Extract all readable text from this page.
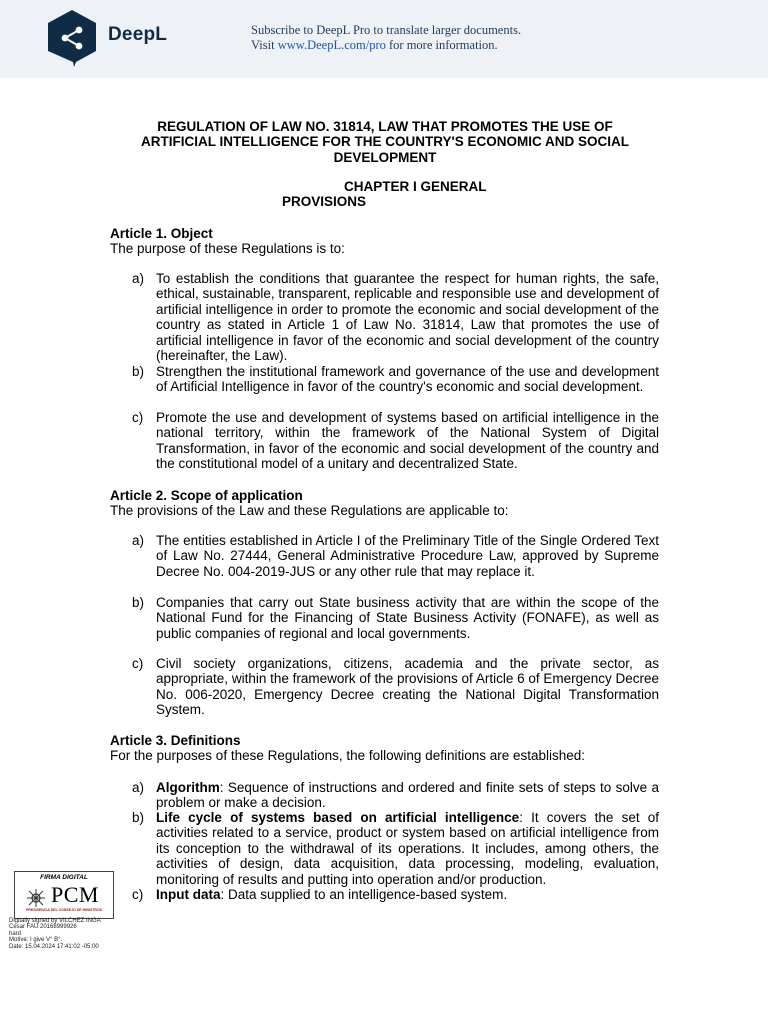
DeepL	Subscribe to DeepL Pro to translate larger documents.
Visit www.DeepL.com/pro for more information.
REGULATION OF LAW NO. 31814, LAW THAT PROMOTES THE USE OF ARTIFICIAL INTELLIGENCE FOR THE COUNTRY'S ECONOMIC AND SOCIAL DEVELOPMENT
CHAPTER I GENERAL
PROVISIONS
Article 1. Object
The purpose of these Regulations is to:
a) To establish the conditions that guarantee the respect for human rights, the safe, ethical, sustainable, transparent, replicable and responsible use and development of artificial intelligence in order to promote the economic and social development of the country as stated in Article 1 of Law No. 31814, Law that promotes the use of artificial intelligence in favor of the economic and social development of the country (hereinafter, the Law).
b) Strengthen the institutional framework and governance of the use and development of Artificial Intelligence in favor of the country's economic and social development.
c) Promote the use and development of systems based on artificial intelligence in the national territory, within the framework of the National System of Digital Transformation, in favor of the economic and social development of the country and the constitutional model of a unitary and decentralized State.
Article 2. Scope of application
The provisions of the Law and these Regulations are applicable to:
a) The entities established in Article I of the Preliminary Title of the Single Ordered Text of Law No. 27444, General Administrative Procedure Law, approved by Supreme Decree No. 004-2019-JUS or any other rule that may replace it.
b) Companies that carry out State business activity that are within the scope of the National Fund for the Financing of State Business Activity (FONAFE), as well as public companies of regional and local governments.
c) Civil society organizations, citizens, academia and the private sector, as appropriate, within the framework of the provisions of Article 6 of Emergency Decree No. 006-2020, Emergency Decree creating the National Digital Transformation System.
Article 3. Definitions
For the purposes of these Regulations, the following definitions are established:
a) Algorithm: Sequence of instructions and ordered and finite sets of steps to solve a problem or make a decision.
b) Life cycle of systems based on artificial intelligence: It covers the set of activities related to a service, product or system based on artificial intelligence from its conception to the withdrawal of its operations. It includes, among others, the activities of design, data acquisition, data processing, modeling, evaluation, monitoring of results and putting into operation and/or production.
c) Input data: Data supplied to an intelligence-based system.
FIRMA DIGITAL
PCM
PRESIDENCIA DEL CONSEJO DE MINISTROS
Digitally signed by VILCHEZ INGA
Cesar FAU 20168999926
hard
Motive: I give V° B°.
Date: 15.04.2024 17:41:02 -05:00
